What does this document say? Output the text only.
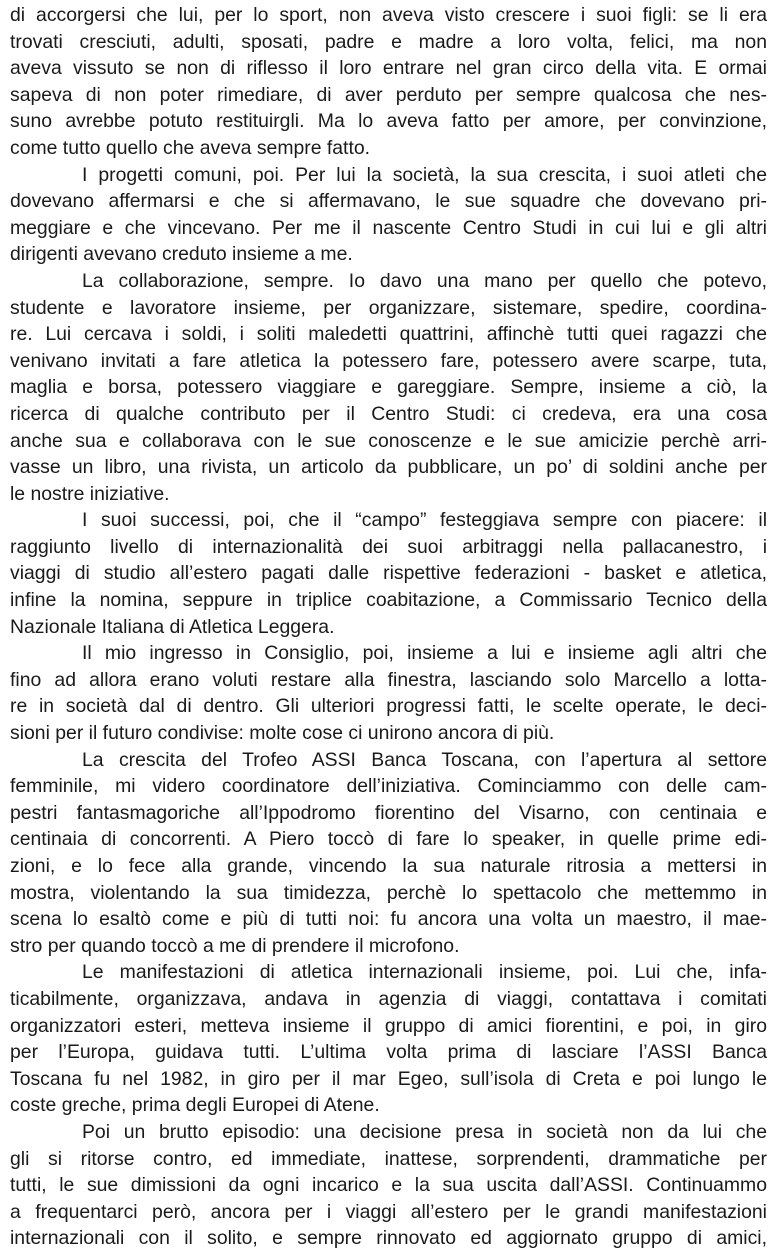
di accorgersi che lui, per lo sport, non aveva visto crescere i suoi figli: se li era
trovati cresciuti, adulti, sposati, padre e madre a loro volta, felici, ma non
aveva vissuto se non di riflesso il loro entrare nel gran circo della vita. E ormai
sapeva di non poter rimediare, di aver perduto per sempre qualcosa che nes-
suno avrebbe potuto restituirgli. Ma lo aveva fatto per amore, per convinzione,
come tutto quello che aveva sempre fatto.
I progetti comuni, poi. Per lui la società, la sua crescita, i suoi atleti che
dovevano affermarsi e che si affermavano, le sue squadre che dovevano pri-
meggiare e che vincevano. Per me il nascente Centro Studi in cui lui e gli altri
dirigenti avevano creduto insieme a me.
La collaborazione, sempre. Io davo una mano per quello che potevo,
studente e lavoratore insieme, per organizzare, sistemare, spedire, coordina-
re. Lui cercava i soldi, i soliti maledetti quattrini, affinchè tutti quei ragazzi che
venivano invitati a fare atletica la potessero fare, potessero avere scarpe, tuta,
maglia e borsa, potessero viaggiare e gareggiare. Sempre, insieme a ciò, la
ricerca di qualche contributo per il Centro Studi: ci credeva, era una cosa
anche sua e collaborava con le sue conoscenze e le sue amicizie perchè arri-
vasse un libro, una rivista, un articolo da pubblicare, un po’ di soldini anche per
le nostre iniziative.
I suoi successi, poi, che il “campo” festeggiava sempre con piacere: il
raggiunto livello di internazionalità dei suoi arbitraggi nella pallacanestro, i
viaggi di studio all’estero pagati dalle rispettive federazioni - basket e atletica,
infine la nomina, seppure in triplice coabitazione, a Commissario Tecnico della
Nazionale Italiana di Atletica Leggera.
Il mio ingresso in Consiglio, poi, insieme a lui e insieme agli altri che
fino ad allora erano voluti restare alla finestra, lasciando solo Marcello a lotta-
re in società dal di dentro. Gli ulteriori progressi fatti, le scelte operate, le deci-
sioni per il futuro condivise: molte cose ci unirono ancora di più.
La crescita del Trofeo ASSI Banca Toscana, con l’apertura al settore
femminile, mi videro coordinatore dell’iniziativa. Cominciammo con delle cam-
pestri fantasmagoriche all’Ippodromo fiorentino del Visarno, con centinaia e
centinaia di concorrenti. A Piero toccò di fare lo speaker, in quelle prime edi-
zioni, e lo fece alla grande, vincendo la sua naturale ritrosia a mettersi in
mostra, violentando la sua timidezza, perchè lo spettacolo che mettemmo in
scena lo esaltò come e più di tutti noi: fu ancora una volta un maestro, il mae-
stro per quando toccò a me di prendere il microfono.
Le manifestazioni di atletica internazionali insieme, poi. Lui che, infa-
ticabilmente, organizzava, andava in agenzia di viaggi, contattava i comitati
organizzatori esteri, metteva insieme il gruppo di amici fiorentini, e poi, in giro
per l’Europa, guidava tutti. L’ultima volta prima di lasciare l’ASSI Banca
Toscana fu nel 1982, in giro per il mar Egeo, sull’isola di Creta e poi lungo le
coste greche, prima degli Europei di Atene.
Poi un brutto episodio: una decisione presa in società non da lui che
gli si ritorse contro, ed immediate, inattese, sorprendenti, drammatiche per
tutti, le sue dimissioni da ogni incarico e la sua uscita dall’ASSI. Continuammo
a frequentarci però, ancora per i viaggi all’estero per le grandi manifestazioni
internazionali con il solito, e sempre rinnovato ed aggiornato gruppo di amici,
